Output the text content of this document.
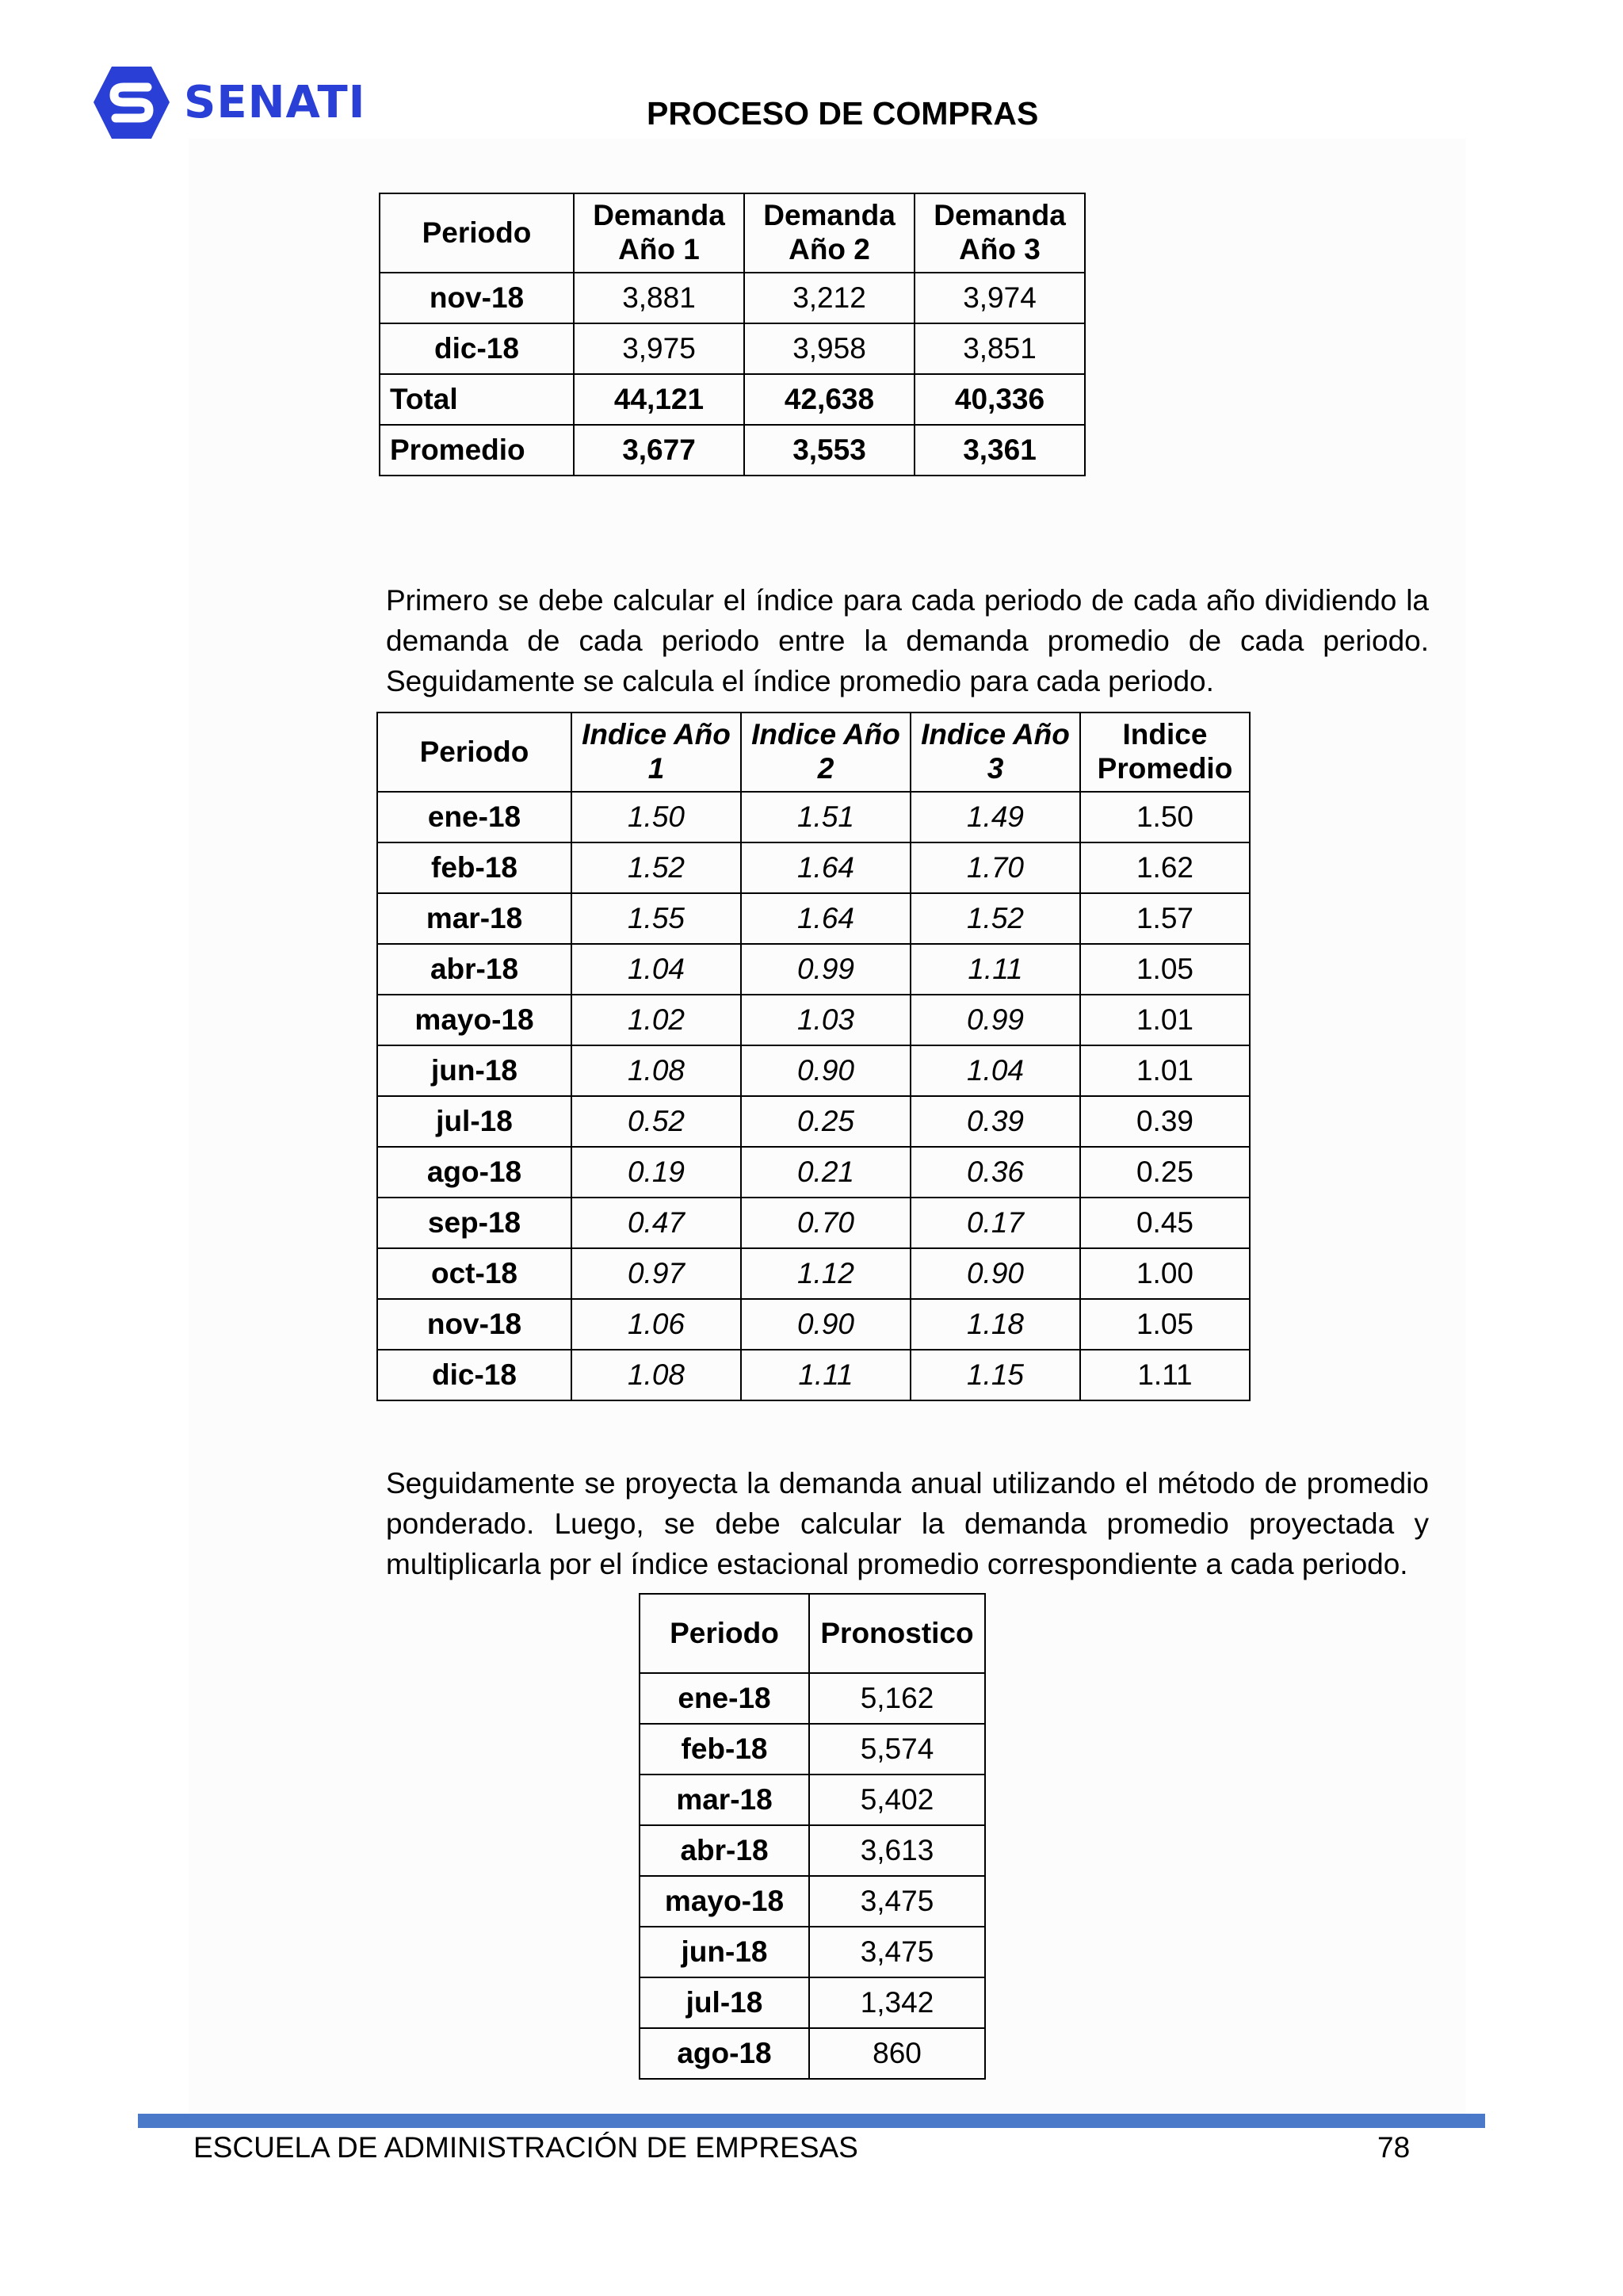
SENATI	PROCESO DE COMPRAS
Periodo	Demanda Año 1	Demanda Año 2	Demanda Año 3
nov-18	3,881	3,212	3,974
dic-18	3,975	3,958	3,851
Total	44,121	42,638	40,336
Promedio	3,677	3,553	3,361

Primero se debe calcular el índice para cada periodo de cada año dividiendo la demanda de cada periodo entre la demanda promedio de cada periodo. Seguidamente se calcula el índice promedio para cada periodo.

Periodo	Indice Año 1	Indice Año 2	Indice Año 3	Indice Promedio
ene-18	1.50	1.51	1.49	1.50
feb-18	1.52	1.64	1.70	1.62
mar-18	1.55	1.64	1.52	1.57
abr-18	1.04	0.99	1.11	1.05
mayo-18	1.02	1.03	0.99	1.01
jun-18	1.08	0.90	1.04	1.01
jul-18	0.52	0.25	0.39	0.39
ago-18	0.19	0.21	0.36	0.25
sep-18	0.47	0.70	0.17	0.45
oct-18	0.97	1.12	0.90	1.00
nov-18	1.06	0.90	1.18	1.05
dic-18	1.08	1.11	1.15	1.11

Seguidamente se proyecta la demanda anual utilizando el método de promedio ponderado. Luego, se debe calcular la demanda promedio proyectada y multiplicarla por el índice estacional promedio correspondiente a cada periodo.

Periodo	Pronostico
ene-18	5,162
feb-18	5,574
mar-18	5,402
abr-18	3,613
mayo-18	3,475
jun-18	3,475
jul-18	1,342
ago-18	860
ESCUELA DE ADMINISTRACIÓN DE EMPRESAS	78
